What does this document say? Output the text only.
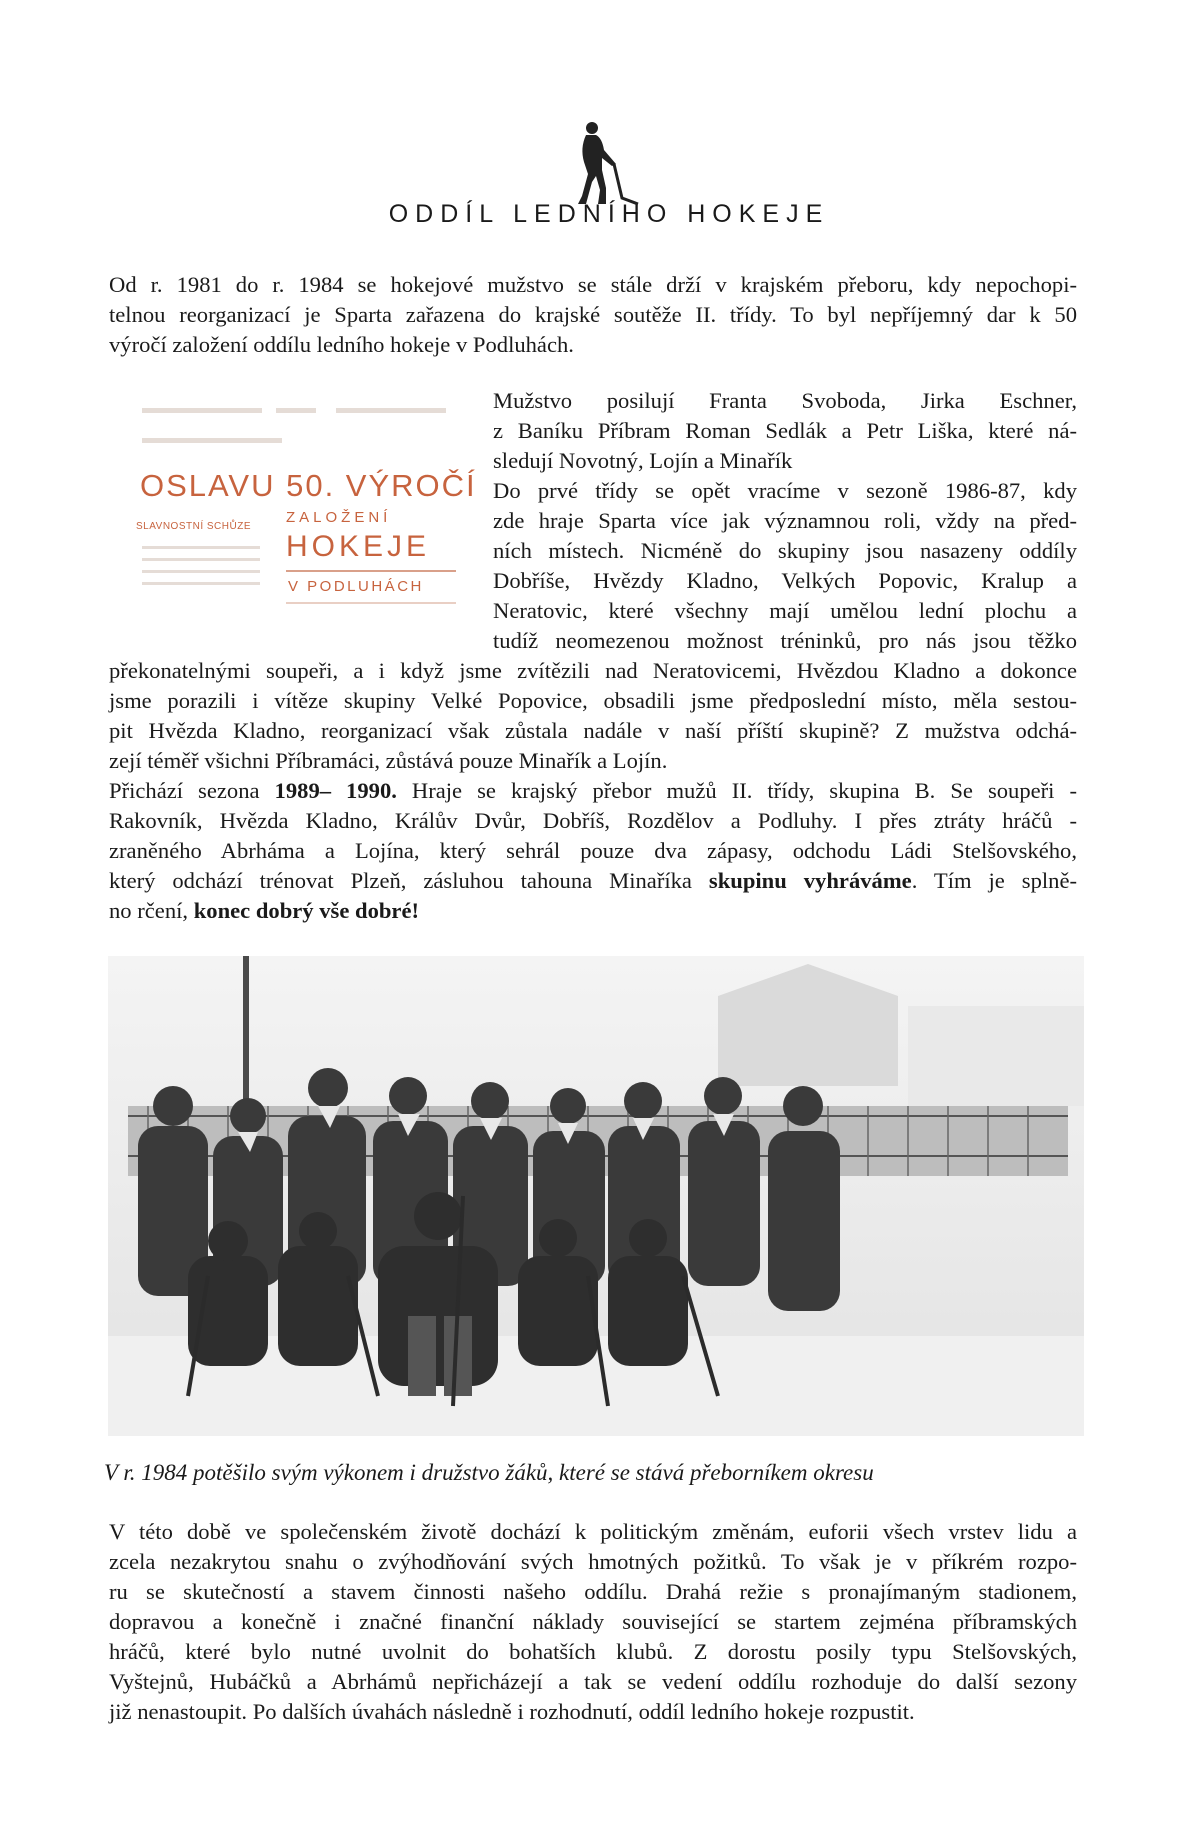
ODDÍL LEDNÍHO HOKEJE

Od r. 1981 do r. 1984 se hokejové mužstvo se stále drží v krajském přeboru, kdy nepochopi-
telnou reorganizací je Sparta zařazena do krajské soutěže II. třídy. To byl nepříjemný dar k 50
výročí založení oddílu ledního hokeje v Podluhách.

OSLAVU 50. VÝROČÍ
ZALOŽENÍ
SLAVNOSTNÍ SCHŮZE
HOKEJE
V PODLUHÁCH

Mužstvo posilují Franta Svoboda, Jirka Eschner,
z Baníku Příbram Roman Sedlák a Petr Liška, které ná-
sledují Novotný, Lojín a Minařík
Do prvé třídy se opět vracíme v sezoně 1986-87, kdy
zde hraje Sparta více jak významnou roli, vždy na před-
ních místech. Nicméně do skupiny jsou nasazeny oddíly
Dobříše, Hvězdy Kladno, Velkých Popovic, Kralup a
Neratovic, které všechny mají umělou lední plochu a
tudíž neomezenou možnost tréninků, pro nás jsou těžko

překonatelnými soupeři, a i když jsme zvítězili nad Neratovicemi, Hvězdou Kladno a dokonce
jsme porazili i vítěze skupiny Velké Popovice, obsadili jsme předposlední místo, měla sestou-
pit Hvězda Kladno, reorganizací však zůstala nadále v naší příští skupině? Z mužstva odchá-
zejí téměř všichni Příbramáci, zůstává pouze Minařík a Lojín.
Přichází sezona 1989– 1990. Hraje se krajský přebor mužů II. třídy, skupina B. Se soupeři -
Rakovník, Hvězda Kladno, Králův Dvůr, Dobříš, Rozdělov a Podluhy. I přes ztráty hráčů -
zraněného Abrháma a Lojína, který sehrál pouze dva zápasy, odchodu Ládi Stelšovského,
který odchází trénovat Plzeň, zásluhou tahouna Minaříka skupinu vyhráváme. Tím je splně-
no rčení, konec dobrý vše dobré!

V r. 1984 potěšilo svým výkonem i družstvo žáků, které se stává přeborníkem okresu

V této době ve společenském životě dochází k politickým změnám, euforii všech vrstev lidu a
zcela nezakrytou snahu o zvýhodňování svých hmotných požitků. To však je v příkrém rozpo-
ru se skutečností a stavem činnosti našeho oddílu. Drahá režie s pronajímaným stadionem,
dopravou a konečně i značné finanční náklady související se startem zejména příbramských
hráčů, které bylo nutné uvolnit do bohatších klubů. Z dorostu posily typu Stelšovských,
Vyštejnů, Hubáčků a Abrhámů nepřicházejí a tak se vedení oddílu rozhoduje do další sezony
již nenastoupit. Po dalších úvahách následně i rozhodnutí, oddíl ledního hokeje rozpustit.
